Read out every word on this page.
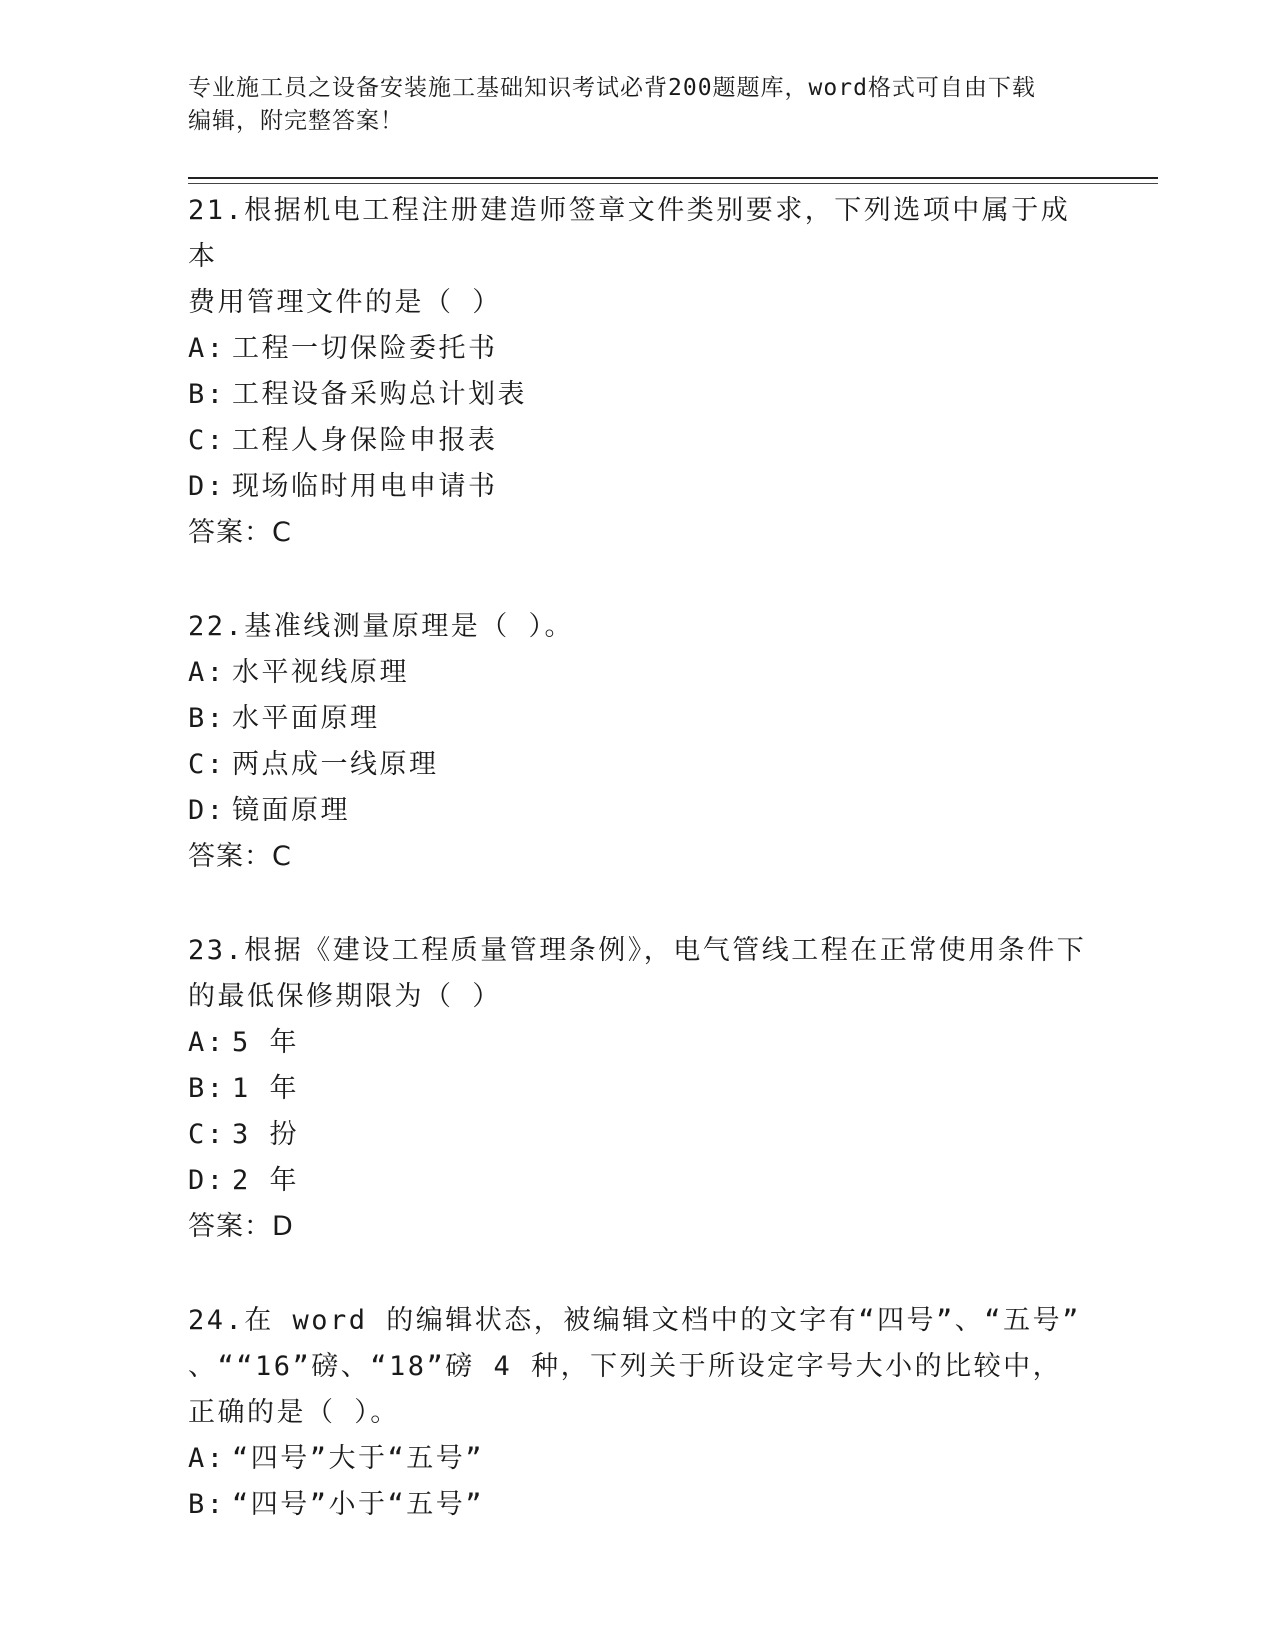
专业施工员之设备安装施工基础知识考试必背200题题库，word格式可自由下载
编辑，附完整答案！
21.根据机电工程注册建造师签章文件类别要求，下列选项中属于成本
费用管理文件的是（ ）
A: 工程一切保险委托书
B: 工程设备采购总计划表
C: 工程人身保险申报表
D: 现场临时用电申请书
答案：C
22.基准线测量原理是（ ）。
A: 水平视线原理
B: 水平面原理
C: 两点成一线原理
D: 镜面原理
答案：C
23.根据《建设工程质量管理条例》，电气管线工程在正常使用条件下
的最低保修期限为（ ）
A: 5 年
B: 1 年
C: 3 扮
D: 2 年
答案：D
24.在 word 的编辑状态，被编辑文档中的文字有“四号”、“五号”
、““16”磅、“18”磅 4 种，下列关于所设定字号大小的比较中，
正确的是（ ）。
A: “四号”大于“五号”
B: “四号”小于“五号”
